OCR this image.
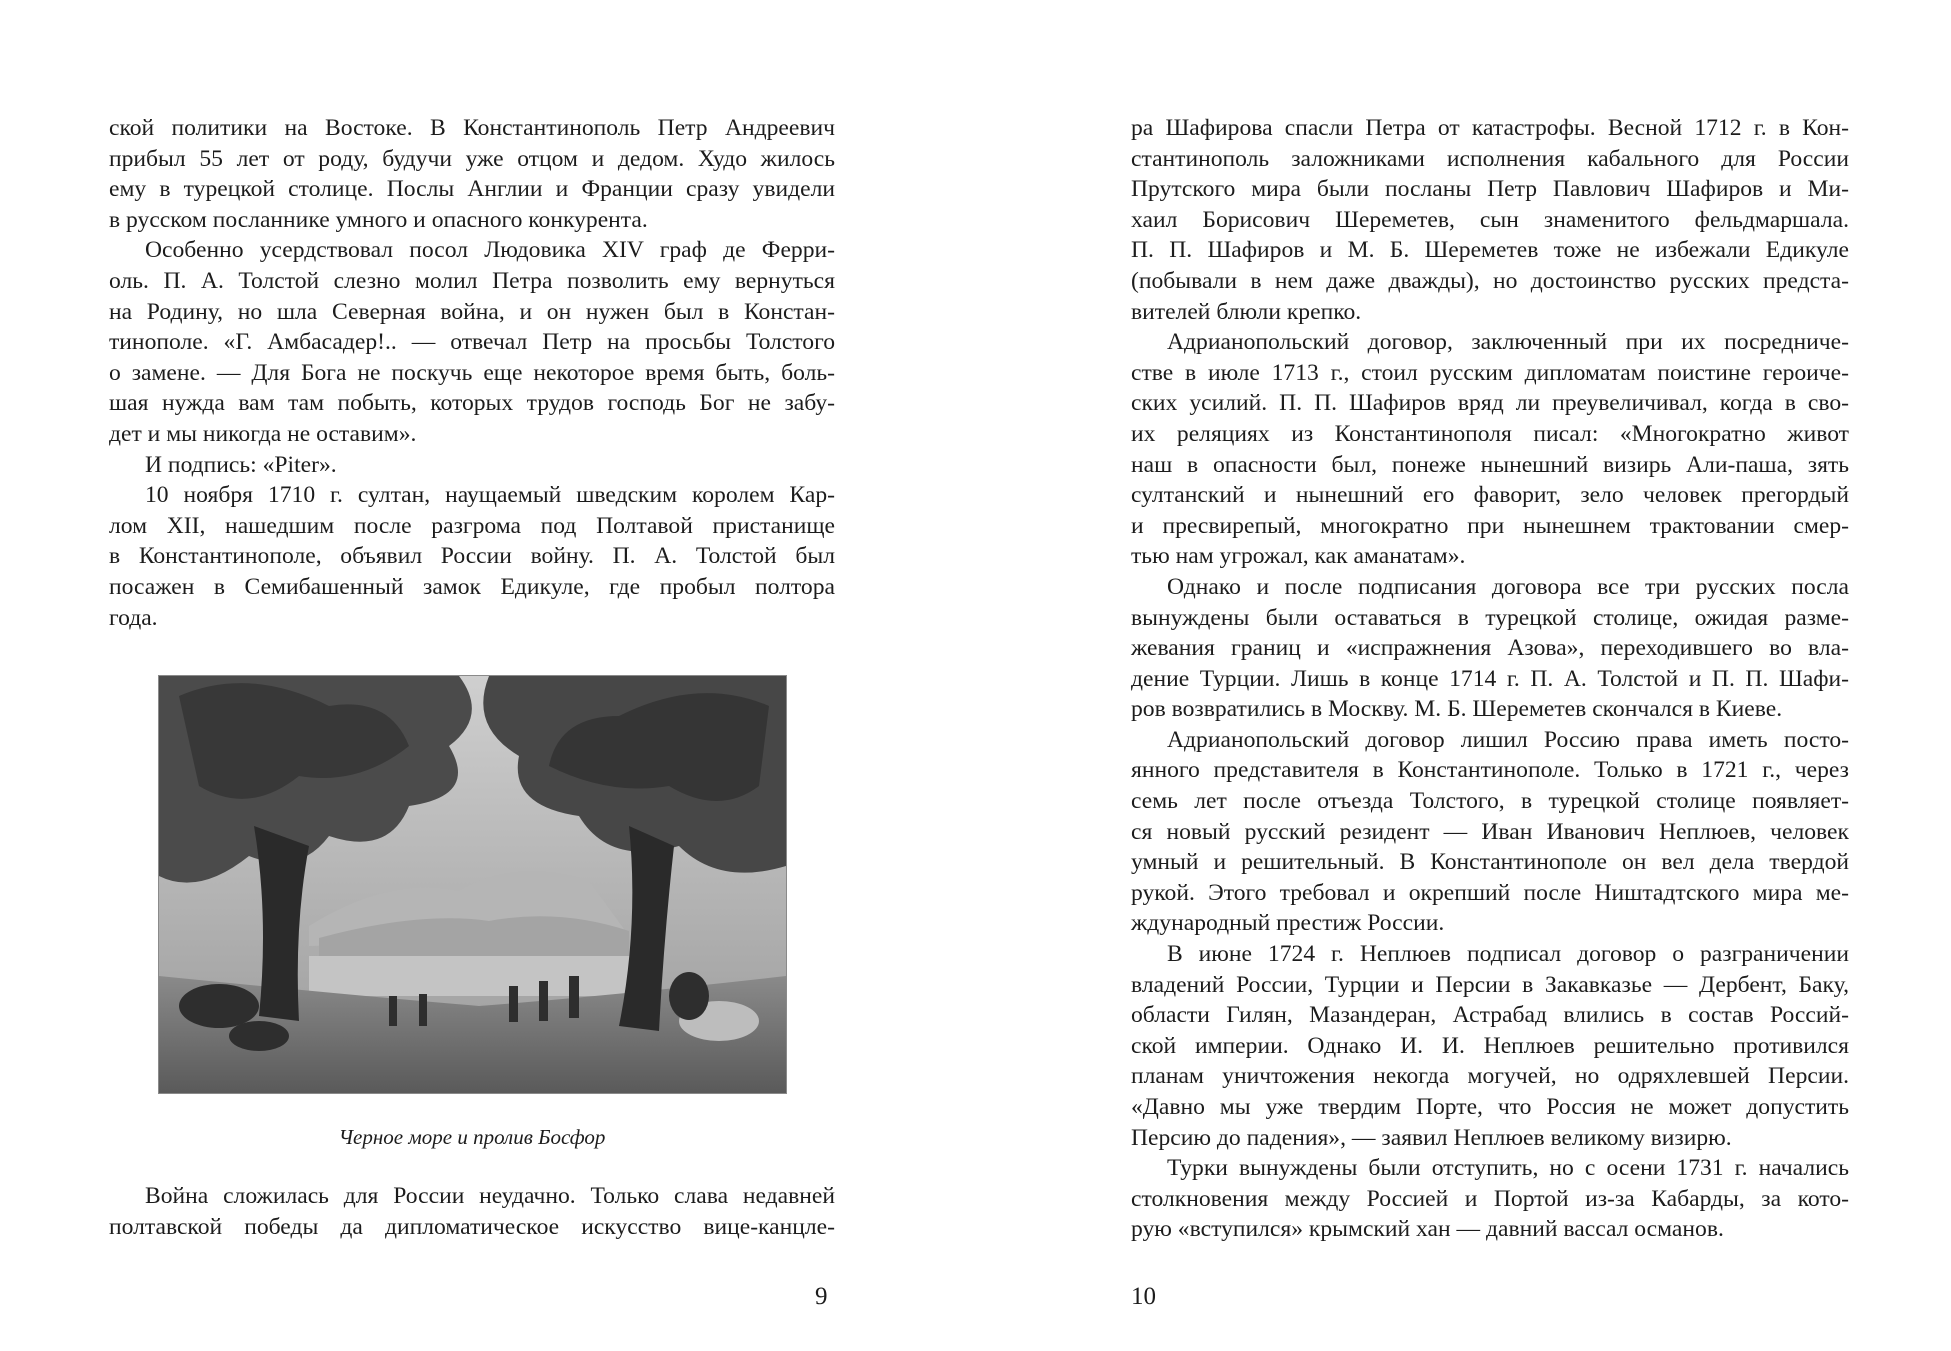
ской политики на Востоке. В Константинополь Петр Андреевич
прибыл 55 лет от роду, будучи уже отцом и дедом. Худо жилось
ему в турецкой столице. Послы Англии и Франции сразу увидели
в русском посланнике умного и опасного конкурента.
Особенно усердствовал посол Людовика XIV граф де Ферри-
оль. П. А. Толстой слезно молил Петра позволить ему вернуться
на Родину, но шла Северная война, и он нужен был в Констан-
тинополе. «Г. Амбасадер!.. — отвечал Петр на просьбы Толстого
о замене. — Для Бога не поскучь еще некоторое время быть, боль-
шая нужда вам там побыть, которых трудов господь Бог не забу-
дет и мы никогда не оставим».
И подпись: «Piter».
10 ноября 1710 г. султан, наущаемый шведским королем Кар-
лом XII, нашедшим после разгрома под Полтавой пристанище
в Константинополе, объявил России войну. П. А. Толстой был
посажен в Семибашенный замок Едикуле, где пробыл полтора
года.
Черное море и пролив Босфор
Война сложилась для России неудачно. Только слава недавней
полтавской победы да дипломатическое искусство вице-канцле-
9
ра Шафирова спасли Петра от катастрофы. Весной 1712 г. в Кон-
стантинополь заложниками исполнения кабального для России
Прутского мира были посланы Петр Павлович Шафиров и Ми-
хаил Борисович Шереметев, сын знаменитого фельдмаршала.
П. П. Шафиров и М. Б. Шереметев тоже не избежали Едикуле
(побывали в нем даже дважды), но достоинство русских предста-
вителей блюли крепко.
Адрианопольский договор, заключенный при их посредниче-
стве в июле 1713 г., стоил русским дипломатам поистине героиче-
ских усилий. П. П. Шафиров вряд ли преувеличивал, когда в сво-
их реляциях из Константинополя писал: «Многократно живот
наш в опасности был, понеже нынешний визирь Али-паша, зять
султанский и нынешний его фаворит, зело человек прегордый
и пресвирепый, многократно при нынешнем трактовании смер-
тью нам угрожал, как аманатам».
Однако и после подписания договора все три русских посла
вынуждены были оставаться в турецкой столице, ожидая разме-
жевания границ и «испражнения Азова», переходившего во вла-
дение Турции. Лишь в конце 1714 г. П. А. Толстой и П. П. Шафи-
ров возвратились в Москву. М. Б. Шереметев скончался в Киеве.
Адрианопольский договор лишил Россию права иметь посто-
янного представителя в Константинополе. Только в 1721 г., через
семь лет после отъезда Толстого, в турецкой столице появляет-
ся новый русский резидент — Иван Иванович Неплюев, человек
умный и решительный. В Константинополе он вел дела твердой
рукой. Этого требовал и окрепший после Ништадтского мира ме-
ждународный престиж России.
В июне 1724 г. Неплюев подписал договор о разграничении
владений России, Турции и Персии в Закавказье — Дербент, Баку,
области Гилян, Мазандеран, Астрабад влились в состав Россий-
ской империи. Однако И. И. Неплюев решительно противился
планам уничтожения некогда могучей, но одряхлевшей Персии.
«Давно мы уже твердим Порте, что Россия не может допустить
Персию до падения», — заявил Неплюев великому визирю.
Турки вынуждены были отступить, но с осени 1731 г. начались
столкновения между Россией и Портой из-за Кабарды, за кото-
рую «вступился» крымский хан — давний вассал османов.
10
